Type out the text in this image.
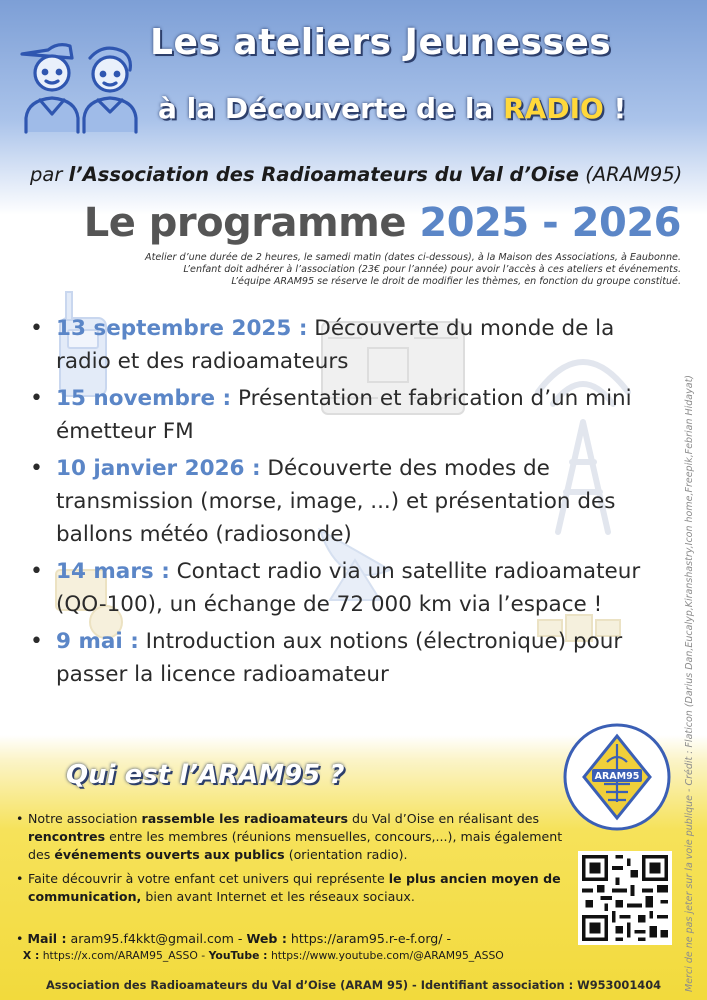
Les ateliers Jeunesses
à la Découverte de la RADIO !
par l’Association des Radioamateurs du Val d’Oise (ARAM95)
Le programme 2025 - 2026
Atelier d’une durée de 2 heures, le samedi matin (dates ci-dessous), à la Maison des Associations, à Eaubonne.
L’enfant doit adhérer à l’association (23€ pour l’année) pour avoir l’accès à ces ateliers et événements.
L’équipe ARAM95 se réserve le droit de modifier les thèmes, en fonction du groupe constitué.
• 13 septembre 2025 : Découverte du monde de la radio et des radioamateurs
• 15 novembre : Présentation et fabrication d’un mini émetteur FM
• 10 janvier 2026 : Découverte des modes de transmission (morse, image, ...) et présentation des ballons météo (radiosonde)
• 14 mars : Contact radio via un satellite radioamateur (QO-100), un échange de 72 000 km via l’espace !
• 9 mai : Introduction aux notions (électronique) pour passer la licence radioamateur	Merci de ne pas jeter sur la voie publique - Crédit : Flaticon (Darius Dan,Eucalyp,Kiranshastry,Icon home,Freepik,Febrian Hidayat)
ARAM95
Qui est l’ARAM95 ?
• Notre association rassemble les radioamateurs du Val d’Oise en réalisant des rencontres entre les membres (réunions mensuelles, concours,...), mais également des événements ouverts aux publics (orientation radio).
• Faite découvrir à votre enfant cet univers qui représente le plus ancien moyen de communication, bien avant Internet et les réseaux sociaux.
• Mail : aram95.f4kkt@gmail.com - Web : https://aram95.r-e-f.org/ -
X : https://x.com/ARAM95_ASSO - YouTube : https://www.youtube.com/@ARAM95_ASSO
Association des Radioamateurs du Val d’Oise (ARAM 95) - Identifiant association : W953001404
